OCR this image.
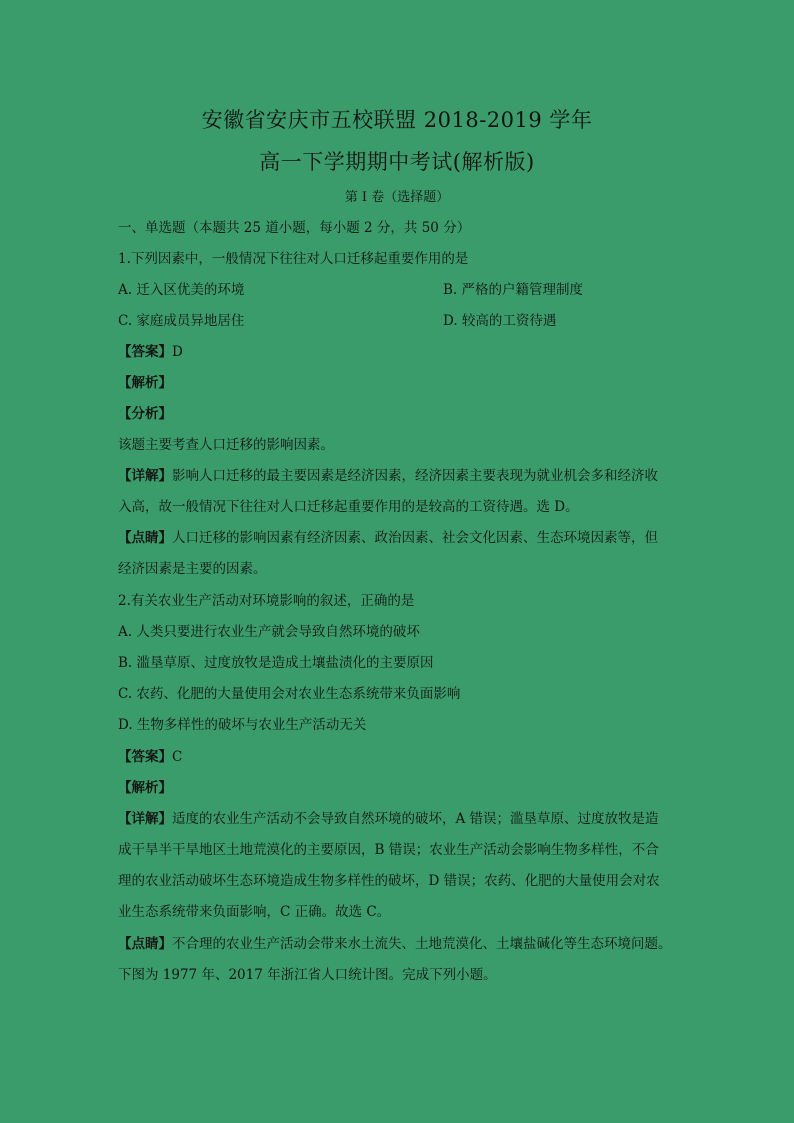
安徽省安庆市五校联盟 2018-2019 学年
高一下学期期中考试(解析版)
第 I 卷（选择题）
一、单选题（本题共 25 道小题，每小题 2 分，共 50 分）
1.下列因素中，一般情况下往往对人口迁移起重要作用的是
A. 迁入区优美的环境	B. 严格的户籍管理制度
C. 家庭成员异地居住	D. 较高的工资待遇
【答案】D
【解析】
【分析】
该题主要考查人口迁移的影响因素。
【详解】影响人口迁移的最主要因素是经济因素，经济因素主要表现为就业机会多和经济收
入高，故一般情况下往往对人口迁移起重要作用的是较高的工资待遇。选 D。
【点睛】人口迁移的影响因素有经济因素、政治因素、社会文化因素、生态环境因素等，但
经济因素是主要的因素。
2.有关农业生产活动对环境影响的叙述，正确的是
A. 人类只要进行农业生产就会导致自然环境的破坏
B. 滥垦草原、过度放牧是造成土壤盐渍化的主要原因
C. 农药、化肥的大量使用会对农业生态系统带来负面影响
D. 生物多样性的破坏与农业生产活动无关
【答案】C
【解析】
【详解】适度的农业生产活动不会导致自然环境的破坏，A 错误；滥垦草原、过度放牧是造
成干旱半干旱地区土地荒漠化的主要原因，B 错误；农业生产活动会影响生物多样性，不合
理的农业活动破坏生态环境造成生物多样性的破坏，D 错误；农药、化肥的大量使用会对农
业生态系统带来负面影响，C 正确。故选 C。
【点睛】不合理的农业生产活动会带来水土流失、土地荒漠化、土壤盐碱化等生态环境问题。
下图为 1977 年、2017 年浙江省人口统计图。完成下列小题。
